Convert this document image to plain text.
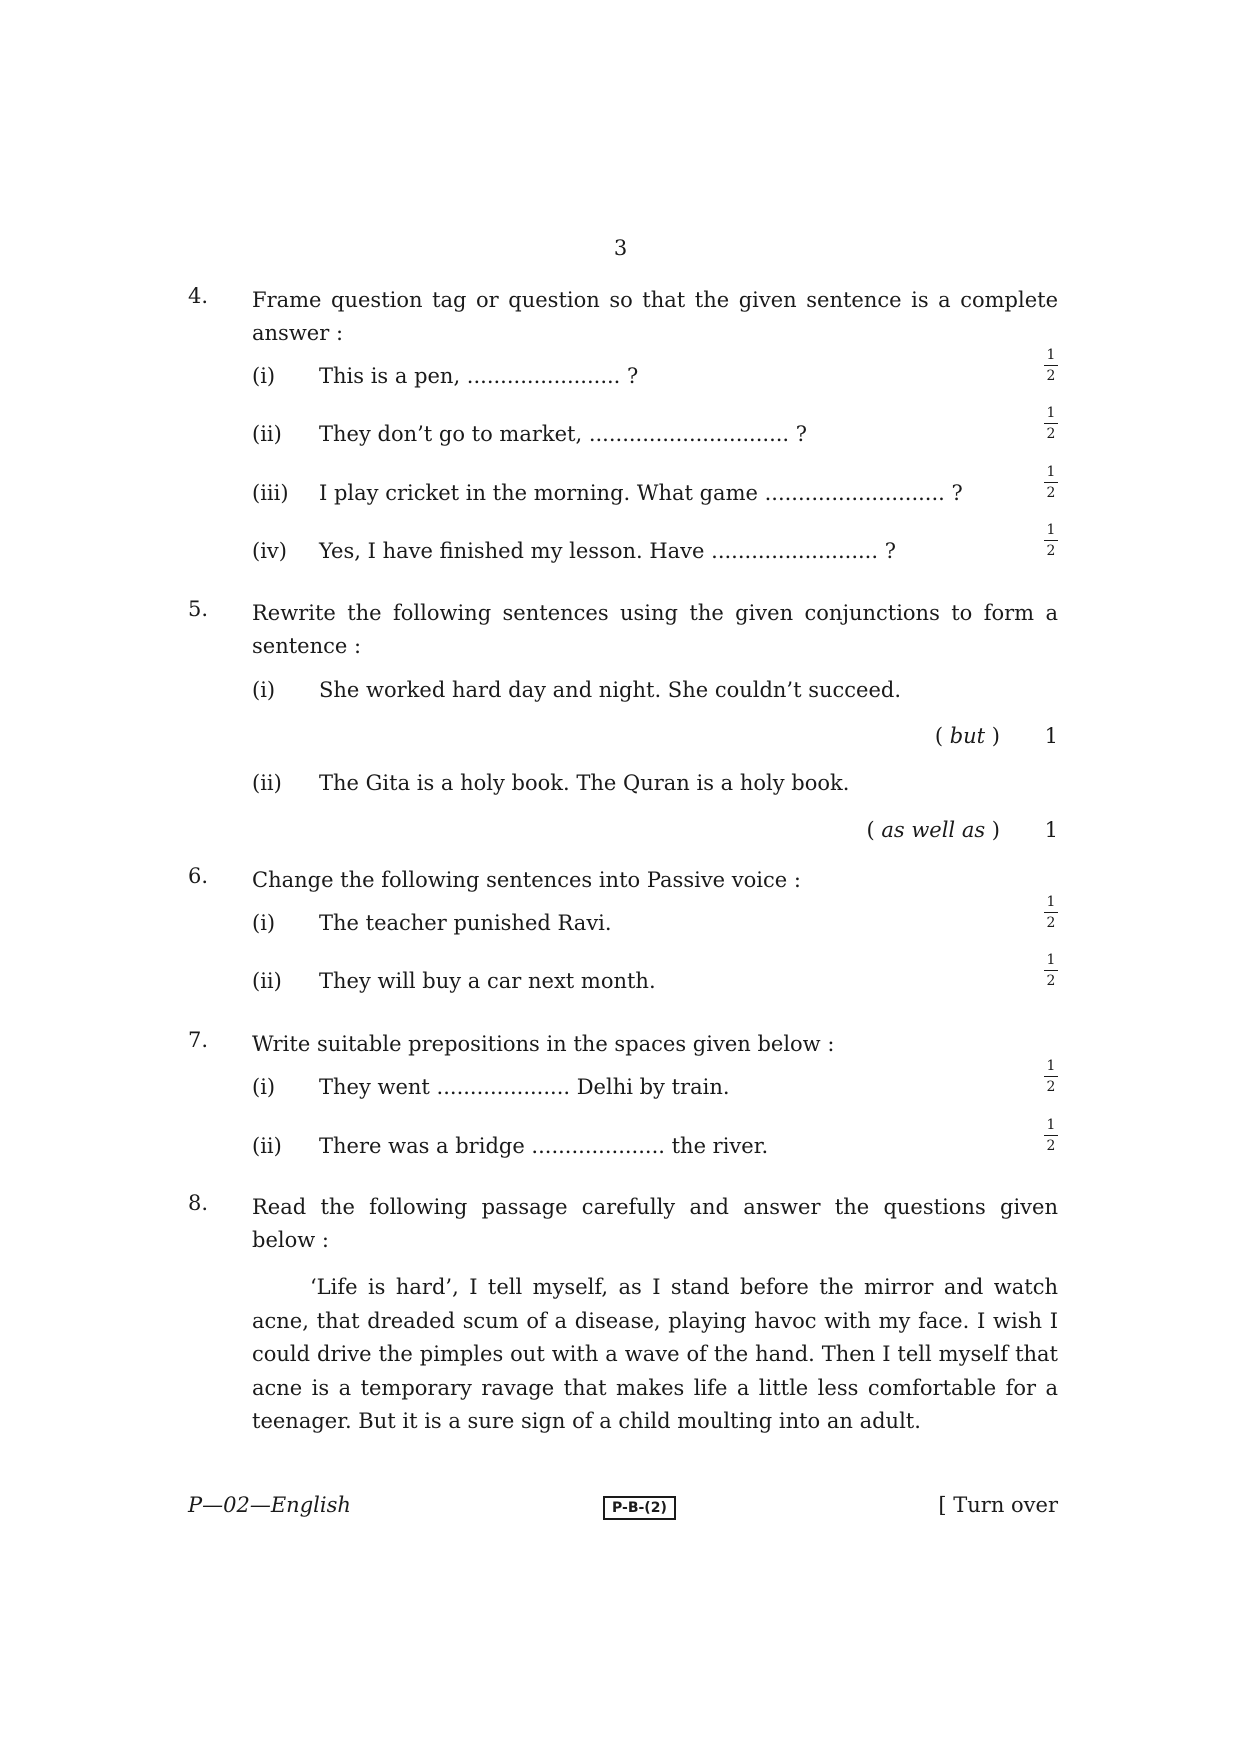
3
4. Frame question tag or question so that the given sentence is a complete answer :
(i) This is a pen, ....................... ?	$\frac{1}{2}$
(ii) They don’t go to market, .............................. ?	$\frac{1}{2}$
(iii) I play cricket in the morning. What game ........................... ?	$\frac{1}{2}$
(iv) Yes, I have finished my lesson. Have ......................... ?	$\frac{1}{2}$
5. Rewrite the following sentences using the given conjunctions to form a sentence :
(i) She worked hard day and night. She couldn’t succeed.
( but ) 1
(ii) The Gita is a holy book. The Quran is a holy book.
( as well as ) 1
6. Change the following sentences into Passive voice :
(i) The teacher punished Ravi.	$\frac{1}{2}$
(ii) They will buy a car next month.	$\frac{1}{2}$
7. Write suitable prepositions in the spaces given below :
(i) They went .................... Delhi by train.	$\frac{1}{2}$
(ii) There was a bridge .................... the river.	$\frac{1}{2}$
8. Read the following passage carefully and answer the questions given below :
‘Life is hard’, I tell myself, as I stand before the mirror and watch acne, that dreaded scum of a disease, playing havoc with my face. I wish I could drive the pimples out with a wave of the hand. Then I tell myself that acne is a temporary ravage that makes life a little less comfortable for a teenager. But it is a sure sign of a child moulting into an adult.
P—02—English	P-B-(2)	[ Turn over
